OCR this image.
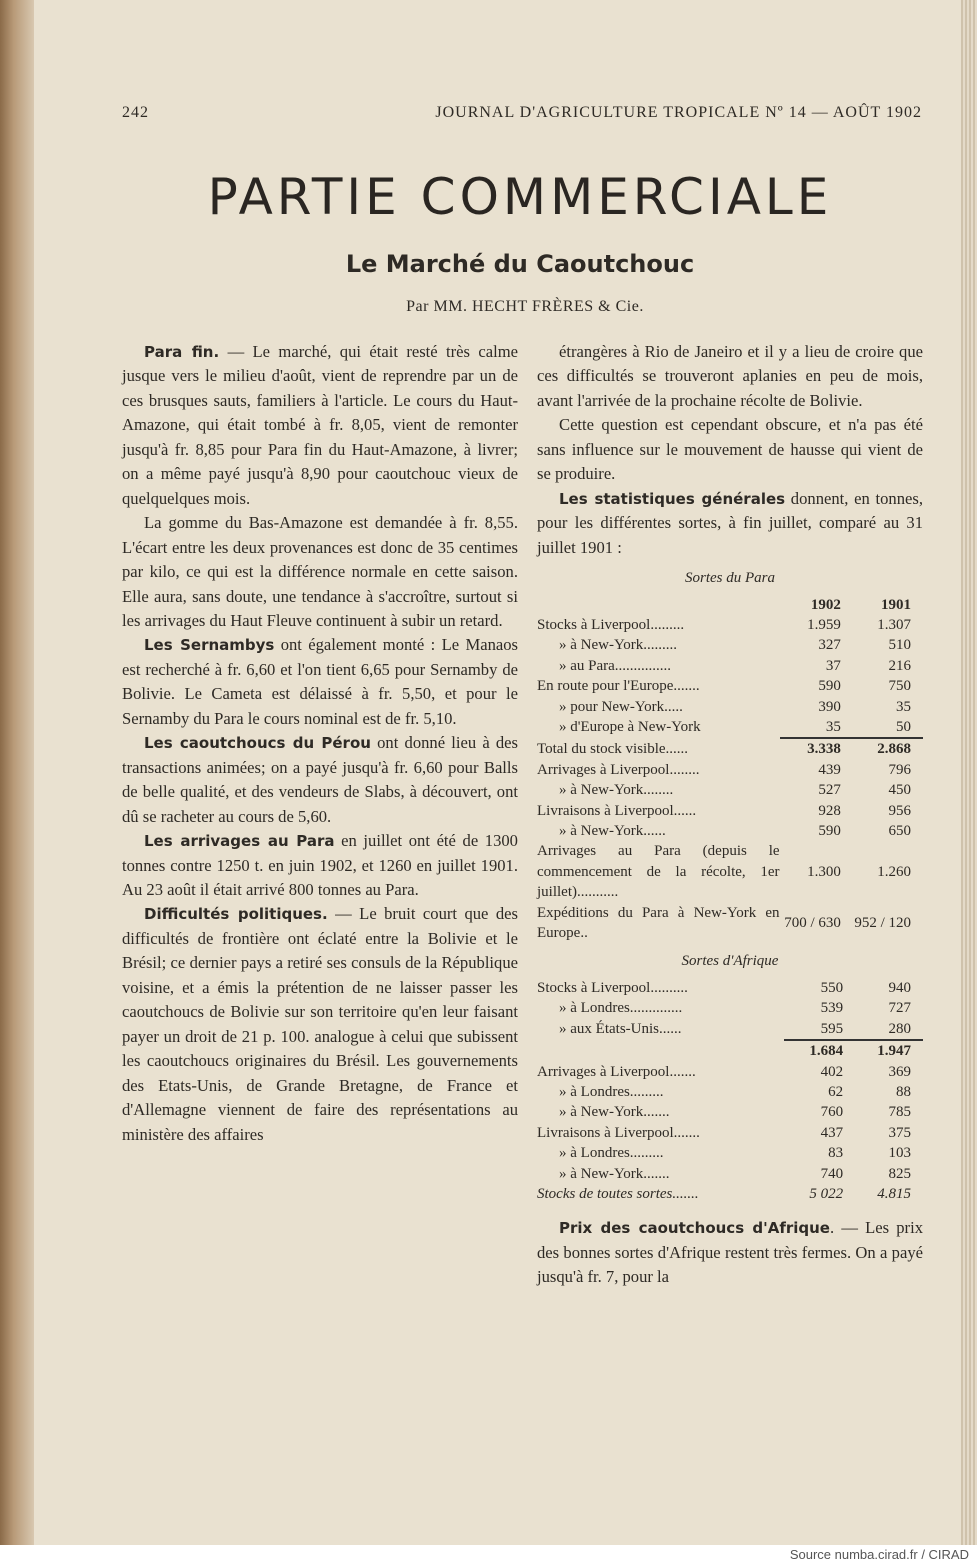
242	JOURNAL D'AGRICULTURE TROPICALE Nº 14 — AOÛT 1902
PARTIE COMMERCIALE
Le Marché du Caoutchouc
Par MM. HECHT FRÈRES & Cie.

Para fin. — Le marché, qui était resté très calme jusque vers le milieu d'août, vient de reprendre par un de ces brusques sauts, familiers à l'article. Le cours du Haut-Amazone, qui était tombé à fr. 8,05, vient de remonter jusqu'à fr. 8,85 pour Para fin du Haut-Amazone, à livrer; on a même payé jusqu'à 8,90 pour caoutchouc vieux de quelquelques mois.

La gomme du Bas-Amazone est demandée à fr. 8,55. L'écart entre les deux provenances est donc de 35 centimes par kilo, ce qui est la différence normale en cette saison. Elle aura, sans doute, une tendance à s'accroître, surtout si les arrivages du Haut Fleuve continuent à subir un retard.

Les Sernambys ont également monté : Le Manaos est recherché à fr. 6,60 et l'on tient 6,65 pour Sernamby de Bolivie. Le Cameta est délaissé à fr. 5,50, et pour le Sernamby du Para le cours nominal est de fr. 5,10.

Les caoutchoucs du Pérou ont donné lieu à des transactions animées; on a payé jusqu'à fr. 6,60 pour Balls de belle qualité, et des vendeurs de Slabs, à découvert, ont dû se racheter au cours de 5,60.

Les arrivages au Para en juillet ont été de 1300 tonnes contre 1250 t. en juin 1902, et 1260 en juillet 1901. Au 23 août il était arrivé 800 tonnes au Para.

Difficultés politiques. — Le bruit court que des difficultés de frontière ont éclaté entre la Bolivie et le Brésil; ce dernier pays a retiré ses consuls de la République voisine, et a émis la prétention de ne laisser passer les caoutchoucs de Bolivie sur son territoire qu'en leur faisant payer un droit de 21 p. 100. analogue à celui que subissent les caoutchoucs originaires du Brésil. Les gouvernements des Etats-Unis, de Grande Bretagne, de France et d'Allemagne viennent de faire des représentations au ministère des affaires

étrangères à Rio de Janeiro et il y a lieu de croire que ces difficultés se trouveront aplanies en peu de mois, avant l'arrivée de la prochaine récolte de Bolivie.

Cette question est cependant obscure, et n'a pas été sans influence sur le mouvement de hausse qui vient de se produire.

Les statistiques générales donnent, en tonnes, pour les différentes sortes, à fin juillet, comparé au 31 juillet 1901 :

Sortes du Para
	1902	1901
Stocks à Liverpool.........	1.959	1.307
» à New-York.........	327	510
» au Para...............	37	216
En route pour l'Europe.......	590	750
» pour New-York.....	390	35
» d'Europe à New-York	35	50
Total du stock visible......	3.338	2.868
Arrivages à Liverpool........	439	796
» à New-York........	527	450
Livraisons à Liverpool......	928	956
» à New-York......	590	650
Arrivages au Para (depuis le commencement de la récolte, 1er juillet)...........	1.300	1.260
Expéditions du Para à New-York en Europe..	700 / 630	952 / 120
Sortes d'Afrique
Stocks à Liverpool..........	550	940
» à Londres..............	539	727
» aux États-Unis......	595	280
	1.684	1.947
Arrivages à Liverpool.......	402	369
» à Londres.........	62	88
» à New-York.......	760	785
Livraisons à Liverpool.......	437	375
» à Londres.........	83	103
» à New-York.......	740	825
Stocks de toutes sortes.......	5 022	4.815

Prix des caoutchoucs d'Afrique. — Les prix des bonnes sortes d'Afrique restent très fermes. On a payé jusqu'à fr. 7, pour la

Source numba.cirad.fr / CIRAD
